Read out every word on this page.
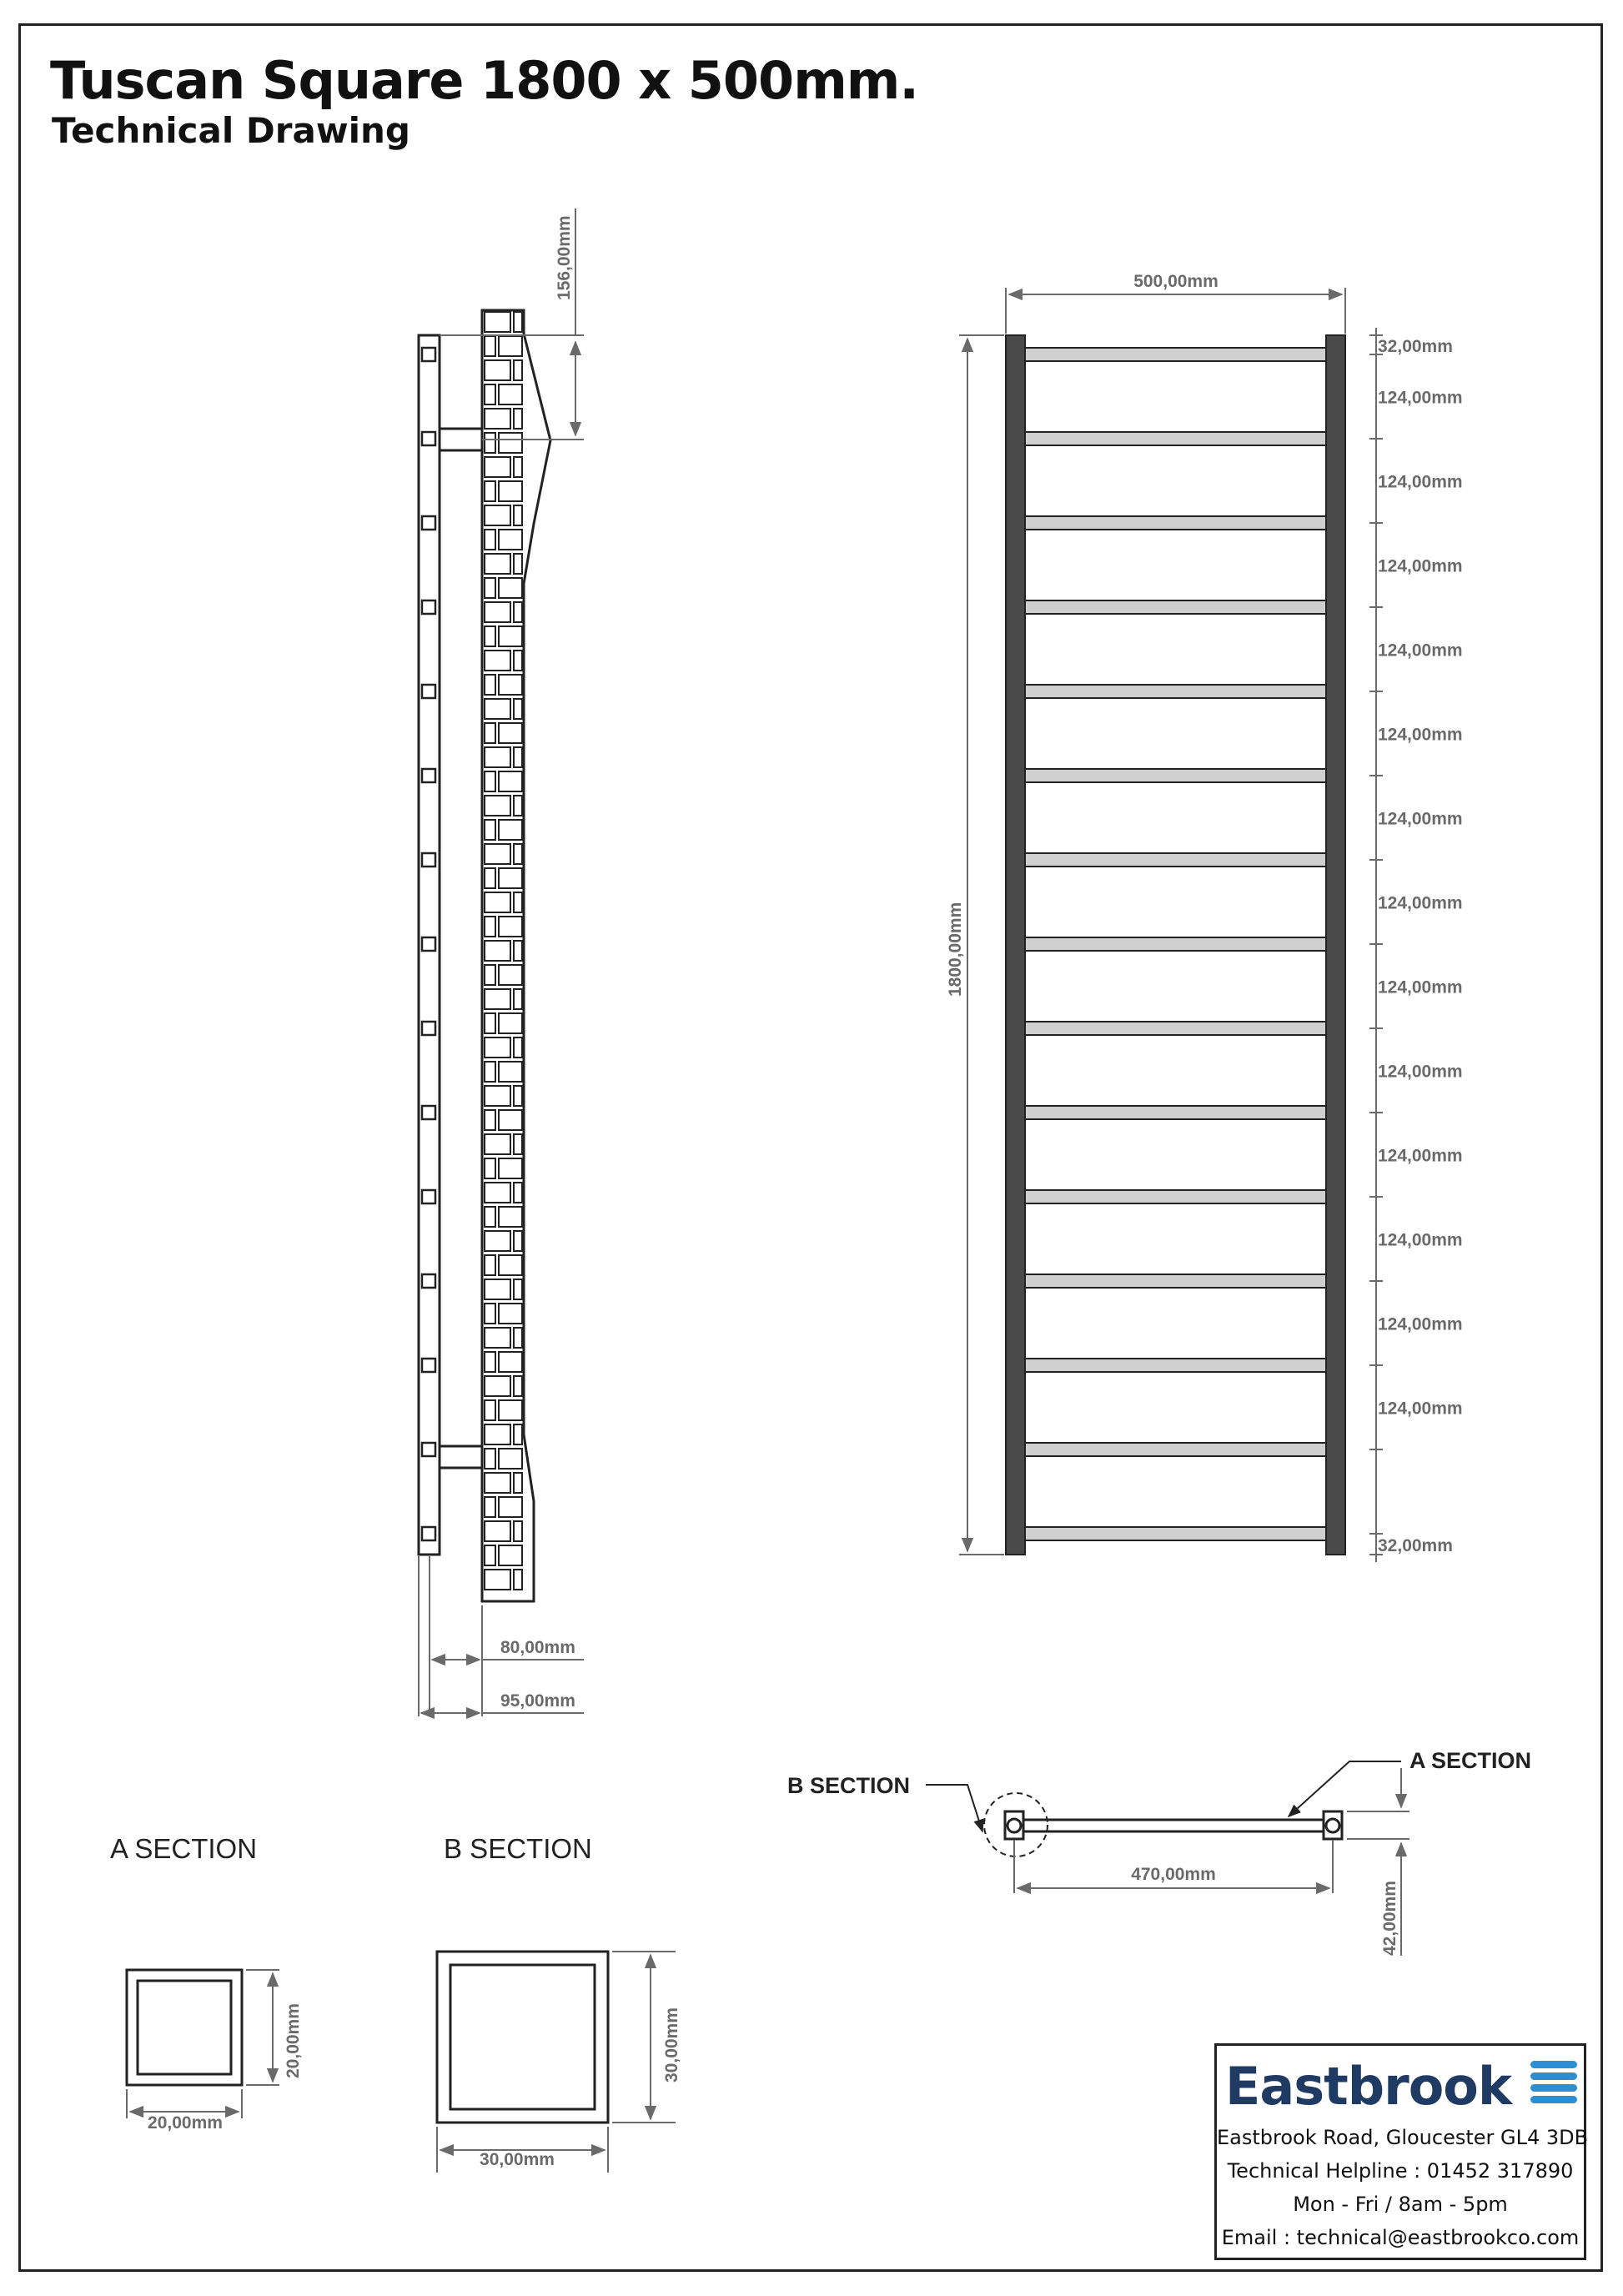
Tuscan Square 1800 x 500mm.
Technical Drawing
156,00mm
80,00mm
95,00mm
500,00mm
1800,00mm
32,00mm
32,00mm
124,00mm
124,00mm
124,00mm
124,00mm
124,00mm
124,00mm
124,00mm
124,00mm
124,00mm
124,00mm
124,00mm
124,00mm
124,00mm
B SECTION
A SECTION
470,00mm
42,00mm
A SECTION
20,00mm
20,00mm
B SECTION
30,00mm
30,00mm
Eastbrook
Eastbrook Road, Gloucester GL4 3DB
Technical Helpline : 01452 317890
Mon - Fri / 8am - 5pm
Email : technical@eastbrookco.com
